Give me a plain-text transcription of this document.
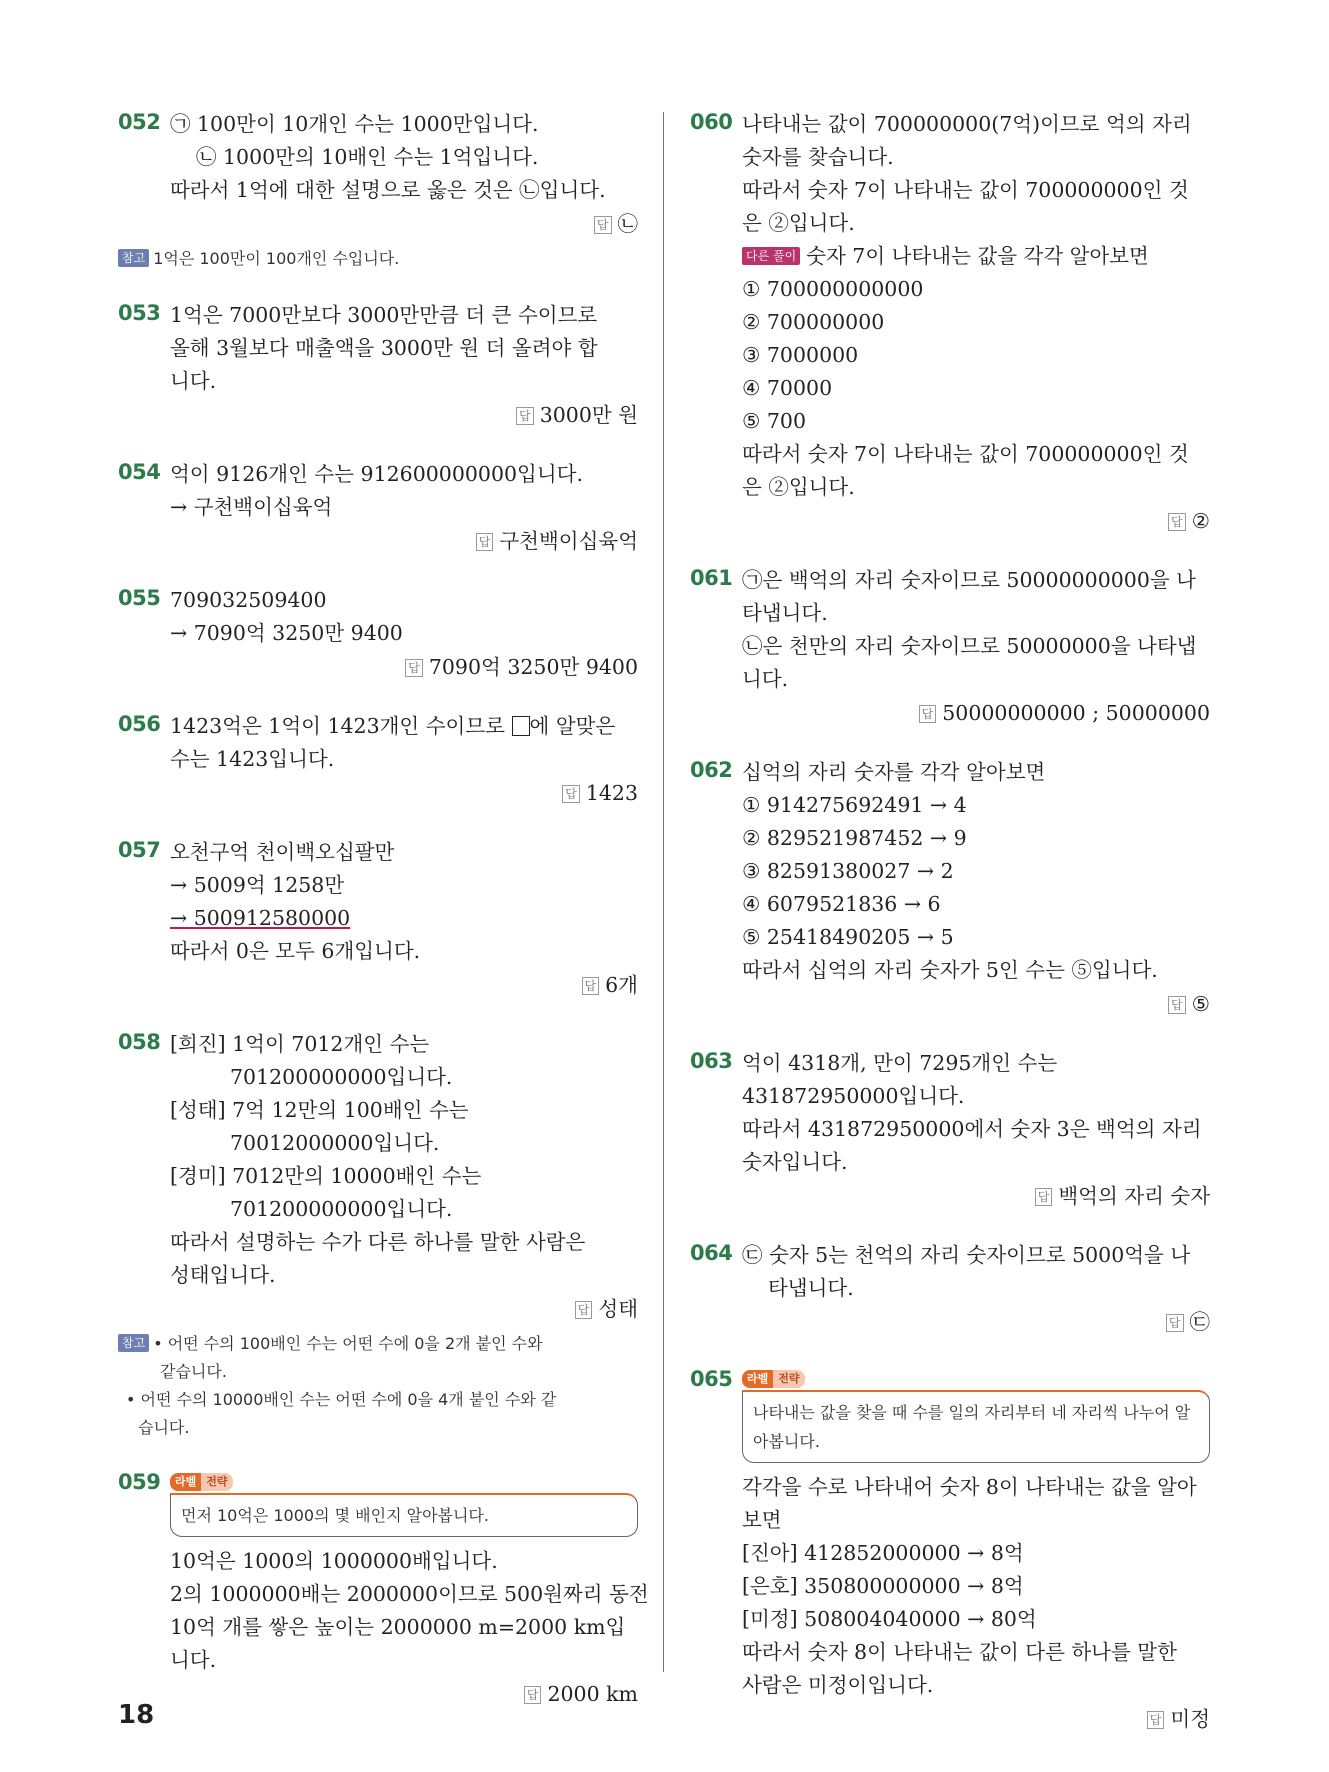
052 ㉠ 100만이 10개인 수는 1000만입니다.
㉡ 1000만의 10배인 수는 1억입니다.
따라서 1억에 대한 설명으로 옳은 것은 ㉡입니다.
답 ㉡
참고 1억은 100만이 100개인 수입니다.
053 1억은 7000만보다 3000만만큼 더 큰 수이므로
올해 3월보다 매출액을 3000만 원 더 올려야 합
니다.
답 3000만 원
054 억이 9126개인 수는 912600000000입니다.
→ 구천백이십육억
답 구천백이십육억
055 709032509400
→ 7090억 3250만 9400
답 7090억 3250만 9400
056 1423억은 1억이 1423개인 수이므로 에 알맞은
수는 1423입니다.
답 1423
057 오천구억 천이백오십팔만
→ 5009억 1258만
→ 500912580000
따라서 0은 모두 6개입니다.
답 6개
058 [희진] 1억이 7012개인 수는
701200000000입니다.
[성태] 7억 12만의 100배인 수는
70012000000입니다.
[경미] 7012만의 10000배인 수는
701200000000입니다.
따라서 설명하는 수가 다른 하나를 말한 사람은
성태입니다.
답 성태
참고 • 어떤 수의 100배인 수는 어떤 수에 0을 2개 붙인 수와
같습니다.
• 어떤 수의 10000배인 수는 어떤 수에 0을 4개 붙인 수와 같
습니다.
059 라벨 전략
먼저 10억은 1000의 몇 배인지 알아봅니다.
10억은 1000의 1000000배입니다.
2의 1000000배는 2000000이므로 500원짜리 동전
10억 개를 쌓은 높이는 2000000 m=2000 km입
니다.
답 2000 km
060 나타내는 값이 700000000(7억)이므로 억의 자리
숫자를 찾습니다.
따라서 숫자 7이 나타내는 값이 700000000인 것
은 ②입니다.
다른 풀이 숫자 7이 나타내는 값을 각각 알아보면
① 700000000000
② 700000000
③ 7000000
④ 70000
⑤ 700
따라서 숫자 7이 나타내는 값이 700000000인 것
은 ②입니다.
답 ②
061 ㉠은 백억의 자리 숫자이므로 50000000000을 나
타냅니다.
㉡은 천만의 자리 숫자이므로 50000000을 나타냅
니다.
답 50000000000 ; 50000000
062 십억의 자리 숫자를 각각 알아보면
① 914275692491 → 4
② 829521987452 → 9
③ 82591380027 → 2
④ 6079521836 → 6
⑤ 25418490205 → 5
따라서 십억의 자리 숫자가 5인 수는 ⑤입니다.
답 ⑤
063 억이 4318개, 만이 7295개인 수는
431872950000입니다.
따라서 431872950000에서 숫자 3은 백억의 자리
숫자입니다.
답 백억의 자리 숫자
064 ㉢ 숫자 5는 천억의 자리 숫자이므로 5000억을 나
타냅니다.
답 ㉢
065 라벨 전략
나타내는 값을 찾을 때 수를 일의 자리부터 네 자리씩 나누어 알아봅니다.
각각을 수로 나타내어 숫자 8이 나타내는 값을 알아
보면
[진아] 412852000000 → 8억
[은호] 350800000000 → 8억
[미정] 508004040000 → 80억
따라서 숫자 8이 나타내는 값이 다른 하나를 말한
사람은 미정이입니다.
답 미정
18
